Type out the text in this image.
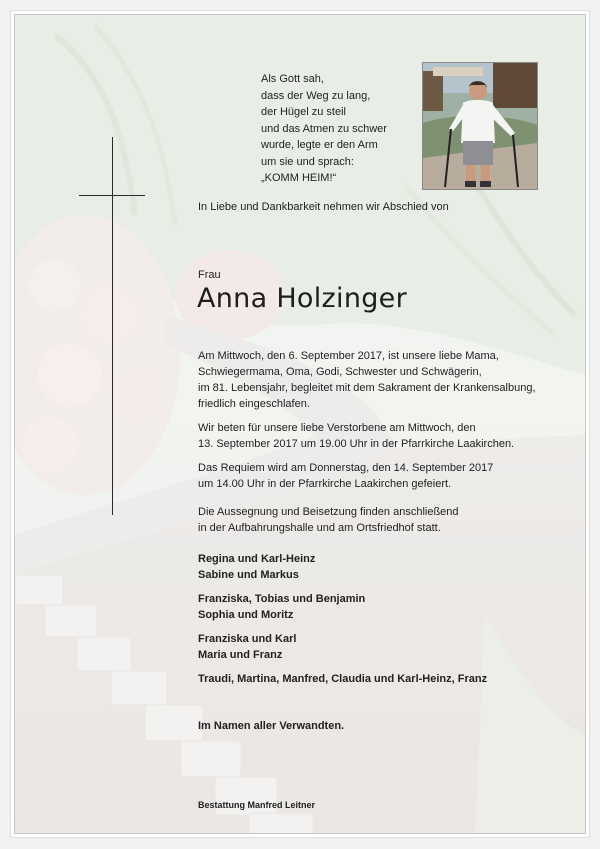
Als Gott sah,
dass der Weg zu lang,
der Hügel zu steil
und das Atmen zu schwer
wurde, legte er den Arm
um sie und sprach:
„KOMM HEIM!“
In Liebe und Dankbarkeit nehmen wir Abschied von
Frau
Anna Holzinger
Am Mittwoch, den 6. September 2017, ist unsere liebe Mama,
Schwiegermama, Oma, Godi, Schwester und Schwägerin,
im 81. Lebensjahr, begleitet mit dem Sakrament der Krankensalbung,
friedlich eingeschlafen.
Wir beten für unsere liebe Verstorbene am Mittwoch, den
13. September 2017 um 19.00 Uhr in der Pfarrkirche Laakirchen.
Das Requiem wird am Donnerstag, den 14. September 2017
um 14.00 Uhr in der Pfarrkirche Laakirchen gefeiert.
Die Aussegnung und Beisetzung finden anschließend
in der Aufbahrungshalle und am Ortsfriedhof statt.
Regina und Karl-Heinz
Sabine und Markus
Franziska, Tobias und Benjamin
Sophia und Moritz
Franziska und Karl
Maria und Franz
Traudi, Martina, Manfred, Claudia und Karl-Heinz, Franz
Im Namen aller Verwandten.
Bestattung Manfred Leitner
